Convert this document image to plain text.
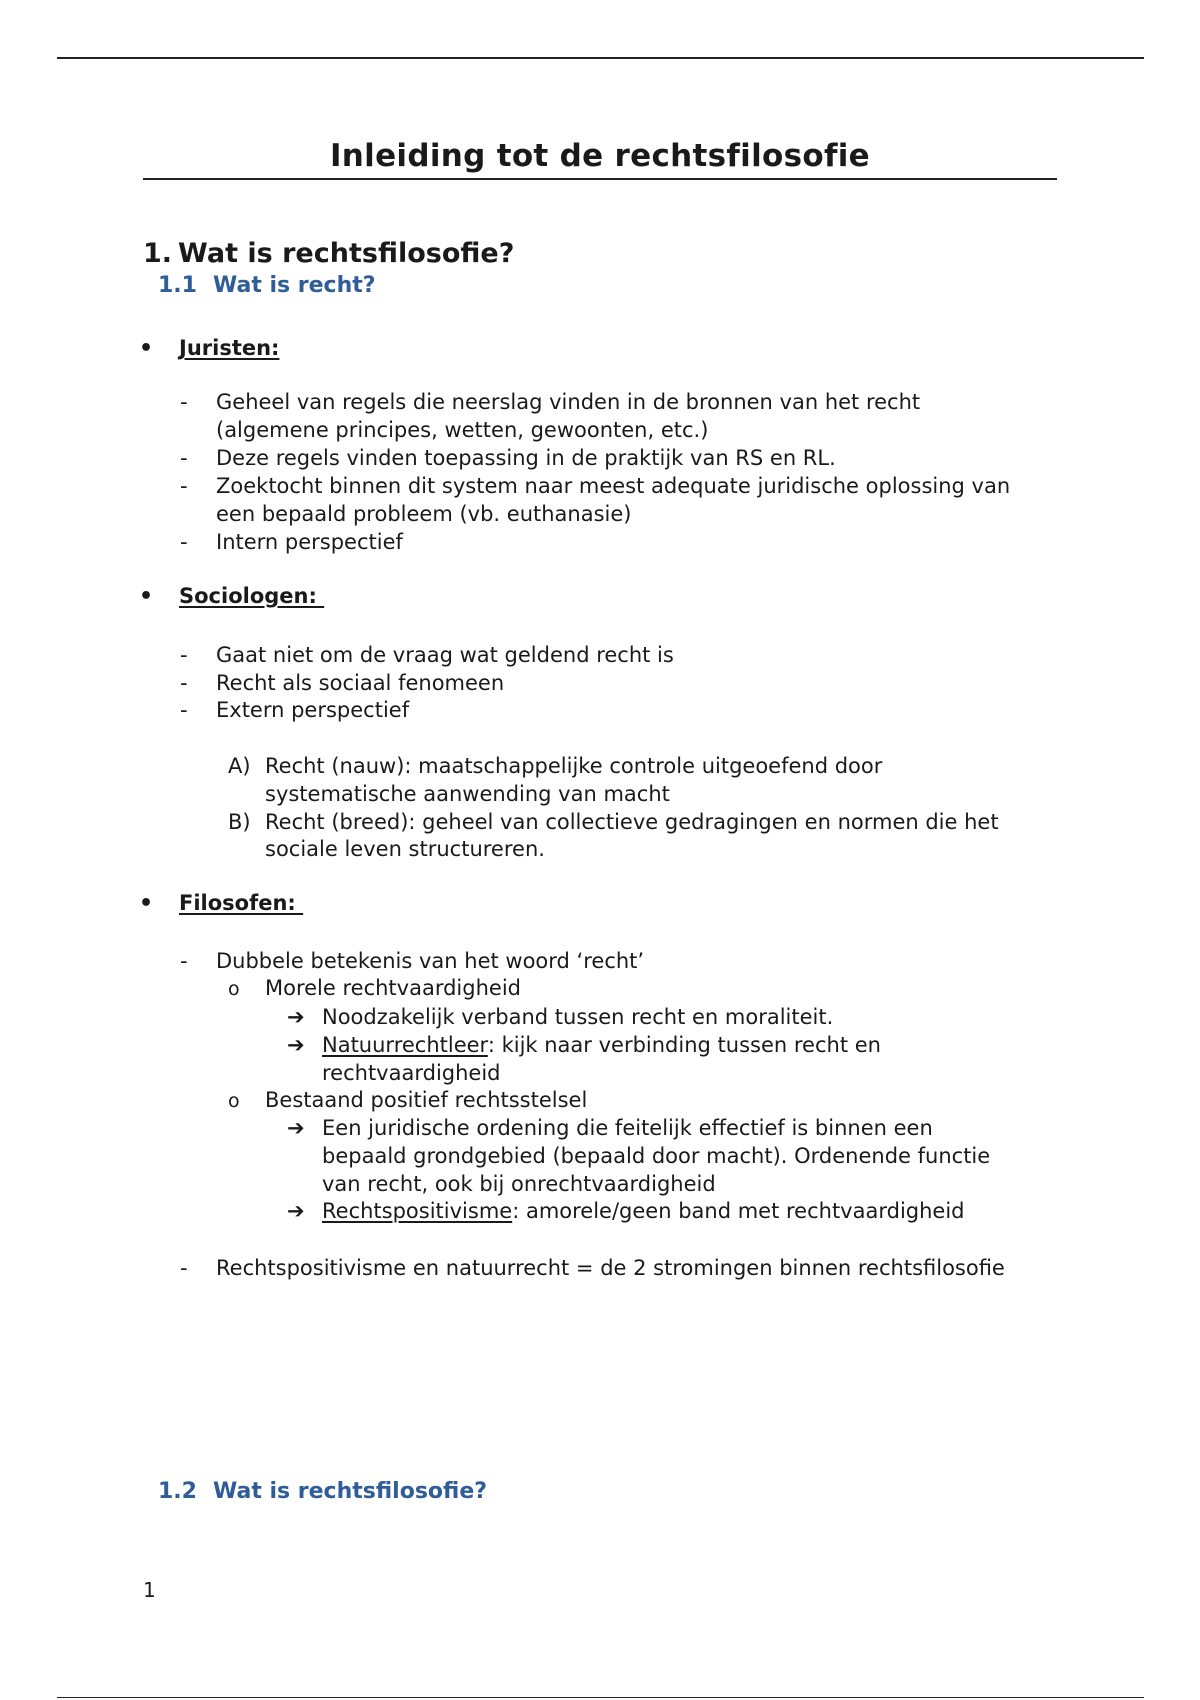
Inleiding tot de rechtsfilosofie
1. Wat is rechtsfilosofie?
1.1 Wat is recht?
• Juristen:
- Geheel van regels die neerslag vinden in de bronnen van het recht
(algemene principes, wetten, gewoonten, etc.)
- Deze regels vinden toepassing in de praktijk van RS en RL.
- Zoektocht binnen dit system naar meest adequate juridische oplossing van
een bepaald probleem (vb. euthanasie)
- Intern perspectief
• Sociologen:
- Gaat niet om de vraag wat geldend recht is
- Recht als sociaal fenomeen
- Extern perspectief
A) Recht (nauw): maatschappelijke controle uitgeoefend door
systematische aanwending van macht
B) Recht (breed): geheel van collectieve gedragingen en normen die het
sociale leven structureren.
• Filosofen:
- Dubbele betekenis van het woord ‘recht’
o Morele rechtvaardigheid
➔ Noodzakelijk verband tussen recht en moraliteit.
➔ Natuurrechtleer: kijk naar verbinding tussen recht en
rechtvaardigheid
o Bestaand positief rechtsstelsel
➔ Een juridische ordening die feitelijk effectief is binnen een
bepaald grondgebied (bepaald door macht). Ordenende functie
van recht, ook bij onrechtvaardigheid
➔ Rechtspositivisme: amorele/geen band met rechtvaardigheid
- Rechtspositivisme en natuurrecht = de 2 stromingen binnen rechtsfilosofie
1.2 Wat is rechtsfilosofie?
1
